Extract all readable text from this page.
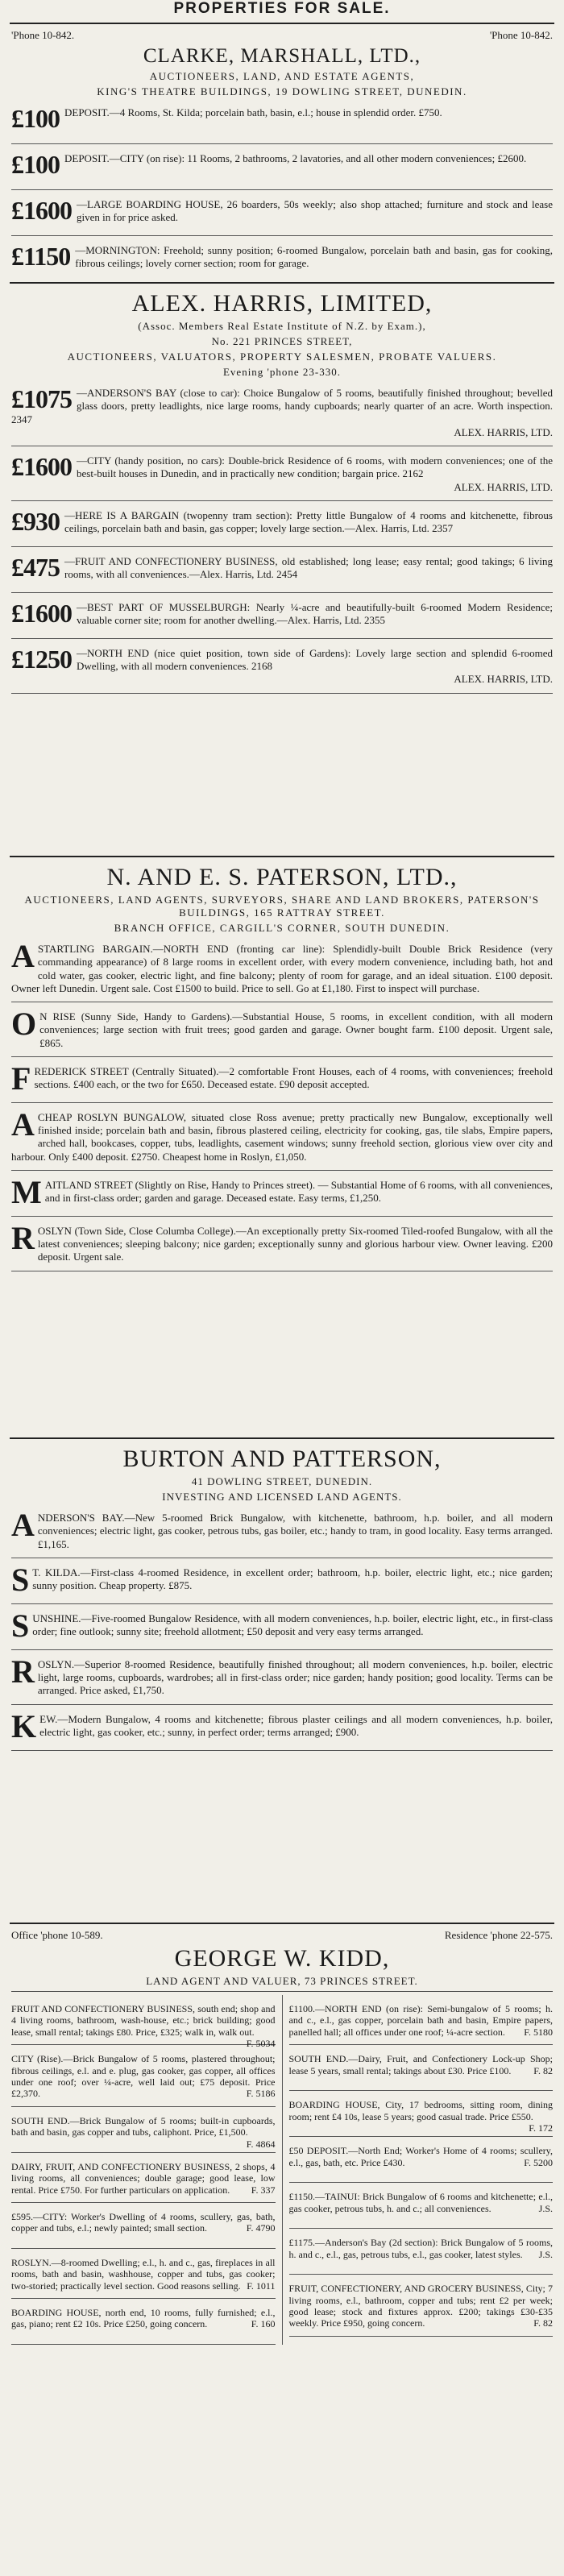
PROPERTIES FOR SALE.
'Phone 10-842.	'Phone 10-842.
CLARKE, MARSHALL, LTD.,
AUCTIONEERS, LAND, AND ESTATE AGENTS,
KING'S THEATRE BUILDINGS, 19 DOWLING STREET, DUNEDIN.
£100 DEPOSIT.—4 Rooms, St. Kilda; porcelain bath, basin, e.l.; house in splendid order. £750.
£100 DEPOSIT.—CITY (on rise): 11 Rooms, 2 bathrooms, 2 lavatories, and all other modern conveniences; £2600.
£1600 —LARGE BOARDING HOUSE, 26 boarders, 50s weekly; also shop attached; furniture and stock and lease given in for price asked.
£1150 —MORNINGTON: Freehold; sunny position; 6-roomed Bungalow, porcelain bath and basin, gas for cooking, fibrous ceilings; lovely corner section; room for garage.
ALEX. HARRIS, LIMITED,
(Assoc. Members Real Estate Institute of N.Z. by Exam.),
No. 221 PRINCES STREET,
AUCTIONEERS, VALUATORS, PROPERTY SALESMEN, PROBATE VALUERS.
Evening 'phone 23-330.
£1075 —ANDERSON'S BAY (close to car): Choice Bungalow of 5 rooms, beautifully finished throughout; bevelled glass doors, pretty leadlights, nice large rooms, handy cupboards; nearly quarter of an acre. Worth inspection. 2347
ALEX. HARRIS, LTD.
£1600 —CITY (handy position, no cars): Double-brick Residence of 6 rooms, with modern conveniences; one of the best-built houses in Dunedin, and in practically new condition; bargain price. 2162
ALEX. HARRIS, LTD.
£930 —HERE IS A BARGAIN (twopenny tram section): Pretty little Bungalow of 4 rooms and kitchenette, fibrous ceilings, porcelain bath and basin, gas copper; lovely large section.—Alex. Harris, Ltd. 2357
£475 —FRUIT AND CONFECTIONERY BUSINESS, old established; long lease; easy rental; good takings; 6 living rooms, with all conveniences.—Alex. Harris, Ltd. 2454
£1600 —BEST PART OF MUSSELBURGH: Nearly ¼-acre and beautifully-built 6-roomed Modern Residence; valuable corner site; room for another dwelling.—Alex. Harris, Ltd. 2355
£1250 —NORTH END (nice quiet position, town side of Gardens): Lovely large section and splendid 6-roomed Dwelling, with all modern conveniences. 2168
ALEX. HARRIS, LTD.
N. AND E. S. PATERSON, LTD.,
AUCTIONEERS, LAND AGENTS, SURVEYORS, SHARE AND LAND BROKERS, PATERSON'S BUILDINGS, 165 RATTRAY STREET.
BRANCH OFFICE, CARGILL'S CORNER, SOUTH DUNEDIN.
A STARTLING BARGAIN.—NORTH END (fronting car line): Splendidly-built Double Brick Residence (very commanding appearance) of 8 large rooms in excellent order, with every modern convenience, including bath, hot and cold water, gas cooker, electric light, and fine balcony; plenty of room for garage, and an ideal situation. £100 deposit. Owner left Dunedin. Urgent sale. Cost £1500 to build. Price to sell. Go at £1,180. First to inspect will purchase.
O N RISE (Sunny Side, Handy to Gardens).—Substantial House, 5 rooms, in excellent condition, with all modern conveniences; large section with fruit trees; good garden and garage. Owner bought farm. £100 deposit. Urgent sale, £865.
F REDERICK STREET (Centrally Situated).—2 comfortable Front Houses, each of 4 rooms, with conveniences; freehold sections. £400 each, or the two for £650. Deceased estate. £90 deposit accepted.
A CHEAP ROSLYN BUNGALOW, situated close Ross avenue; pretty practically new Bungalow, exceptionally well finished inside; porcelain bath and basin, fibrous plastered ceiling, electricity for cooking, gas, tile slabs, Empire papers, arched hall, bookcases, copper, tubs, leadlights, casement windows; sunny freehold section, glorious view over city and harbour. Only £400 deposit. £2750. Cheapest home in Roslyn, £1,050.
M AITLAND STREET (Slightly on Rise, Handy to Princes street). — Substantial Home of 6 rooms, with all conveniences, and in first-class order; garden and garage. Deceased estate. Easy terms, £1,250.
R OSLYN (Town Side, Close Columba College).—An exceptionally pretty Six-roomed Tiled-roofed Bungalow, with all the latest conveniences; sleeping balcony; nice garden; exceptionally sunny and glorious harbour view. Owner leaving. £200 deposit. Urgent sale.
BURTON AND PATTERSON,
41 DOWLING STREET, DUNEDIN.
INVESTING AND LICENSED LAND AGENTS.
A NDERSON'S BAY.—New 5-roomed Brick Bungalow, with kitchenette, bathroom, h.p. boiler, and all modern conveniences; electric light, gas cooker, petrous tubs, gas boiler, etc.; handy to tram, in good locality. Easy terms arranged. £1,165.
S T. KILDA.—First-class 4-roomed Residence, in excellent order; bathroom, h.p. boiler, electric light, etc.; nice garden; sunny position. Cheap property. £875.
S UNSHINE.—Five-roomed Bungalow Residence, with all modern conveniences, h.p. boiler, electric light, etc., in first-class order; fine outlook; sunny site; freehold allotment; £50 deposit and very easy terms arranged.
R OSLYN.—Superior 8-roomed Residence, beautifully finished throughout; all modern conveniences, h.p. boiler, electric light, large rooms, cupboards, wardrobes; all in first-class order; nice garden; handy position; good locality. Terms can be arranged. Price asked, £1,750.
K EW.—Modern Bungalow, 4 rooms and kitchenette; fibrous plaster ceilings and all modern conveniences, h.p. boiler, electric light, gas cooker, etc.; sunny, in perfect order; terms arranged; £900.
Office 'phone 10-589.	Residence 'phone 22-575.
GEORGE W. KIDD,
LAND AGENT AND VALUER, 73 PRINCES STREET.
FRUIT AND CONFECTIONERY BUSINESS, south end; shop and 4 living rooms, bathroom, wash-house, etc.; brick building; good lease, small rental; takings £80. Price, £325; walk in, walk out.
F. 5034
CITY (Rise).—Brick Bungalow of 5 rooms, plastered throughout; fibrous ceilings, e.l. and e. plug, gas cooker, gas copper, all offices under one roof; over ¼-acre, well laid out; £75 deposit. Price £2,370.	F. 5186
SOUTH END.—Brick Bungalow of 5 rooms; built-in cupboards, bath and basin, gas copper and tubs, caliphont. Price, £1,500.
F. 4864
DAIRY, FRUIT, AND CONFECTIONERY BUSINESS, 2 shops, 4 living rooms, all conveniences; double garage; good lease, low rental. Price £750. For further particulars on application. F. 337
£595.—CITY: Worker's Dwelling of 4 rooms, scullery, gas, bath, copper and tubs, e.l.; newly painted; small section.	F. 4790
ROSLYN.—8-roomed Dwelling; e.l., h. and c., gas, fireplaces in all rooms, bath and basin, washhouse, copper and tubs, gas cooker; two-storied; practically level section. Good reasons selling. F. 1011
BOARDING HOUSE, north end, 10 rooms, fully furnished; e.l., gas, piano; rent £2 10s. Price £250, going concern.	F. 160
£1100.—NORTH END (on rise): Semi-bungalow of 5 rooms; h. and c., e.l., gas copper, porcelain bath and basin, Empire papers, panelled hall; all offices under one roof; ¼-acre section. F. 5180
SOUTH END.—Dairy, Fruit, and Confectionery Lock-up Shop; lease 5 years, small rental; takings about £30. Price £100. F. 82
BOARDING HOUSE, City, 17 bedrooms, sitting room, dining room; rent £4 10s, lease 5 years; good casual trade. Price £550.
F. 172
£50 DEPOSIT.—North End; Worker's Home of 4 rooms; scullery, e.l., gas, bath, etc. Price £430.	F. 5200
£1150.—TAINUI: Brick Bungalow of 6 rooms and kitchenette; e.l., gas cooker, petrous tubs, h. and c.; all conveniences.	J.S.
£1175.—Anderson's Bay (2d section): Brick Bungalow of 5 rooms, h. and c., e.l., gas, petrous tubs, e.l., gas cooker, latest styles. J.S.
FRUIT, CONFECTIONERY, AND GROCERY BUSINESS, City; 7 living rooms, e.l., bathroom, copper and tubs; rent £2 per week; good lease; stock and fixtures approx. £200; takings £30-£35 weekly. Price £950, going concern.	F. 82
